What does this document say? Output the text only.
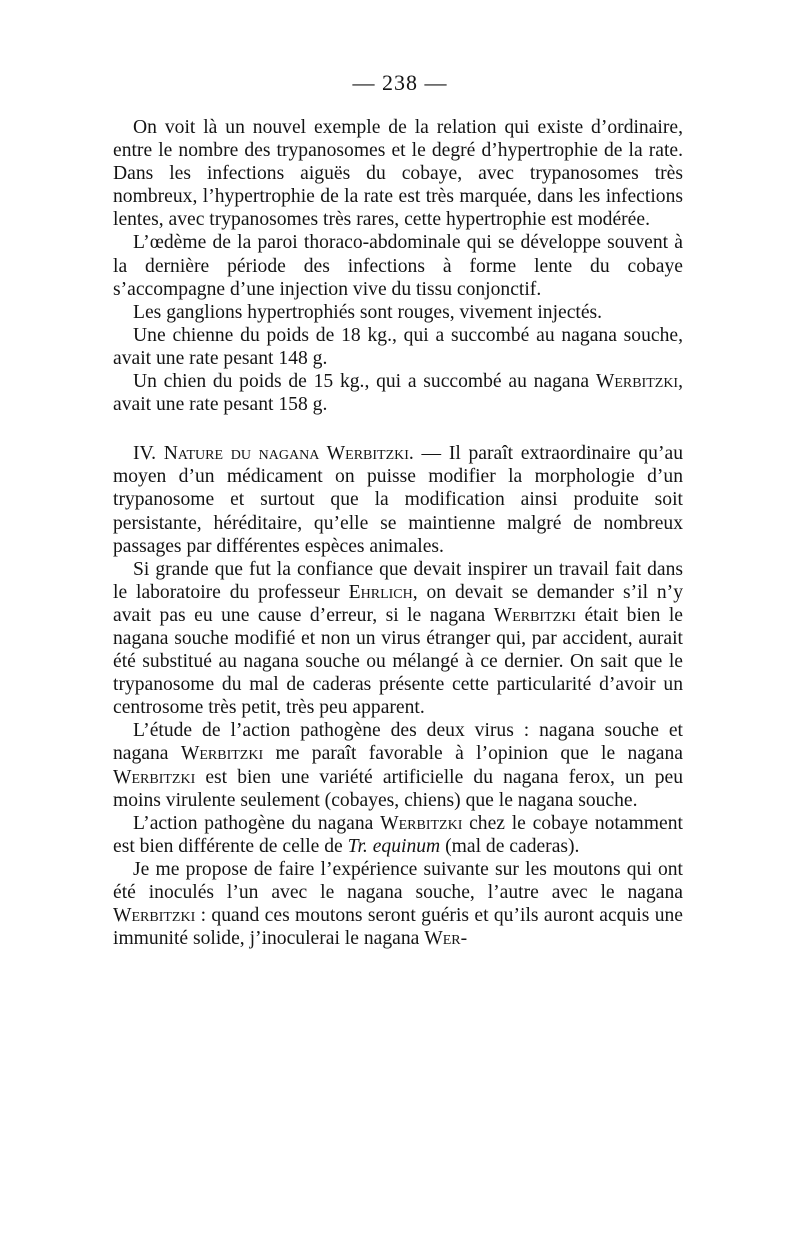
— 238 —

On voit là un nouvel exemple de la relation qui existe d’ordinaire, entre le nombre des trypanosomes et le degré d’hypertrophie de la rate. Dans les infections aiguës du cobaye, avec trypanosomes très nombreux, l’hypertrophie de la rate est très marquée, dans les infections lentes, avec trypanosomes très rares, cette hypertrophie est modérée.

L’œdème de la paroi thoraco-abdominale qui se développe souvent à la dernière période des infections à forme lente du cobaye s’accompagne d’une injection vive du tissu conjonctif.

Les ganglions hypertrophiés sont rouges, vivement injectés.

Une chienne du poids de 18 kg., qui a succombé au nagana souche, avait une rate pesant 148 g.

Un chien du poids de 15 kg., qui a succombé au nagana Werbitzki, avait une rate pesant 158 g.

IV. Nature du nagana Werbitzki. — Il paraît extraordinaire qu’au moyen d’un médicament on puisse modifier la morphologie d’un trypanosome et surtout que la modification ainsi produite soit persistante, héréditaire, qu’elle se maintienne malgré de nombreux passages par différentes espèces animales.

Si grande que fut la confiance que devait inspirer un travail fait dans le laboratoire du professeur Ehrlich, on devait se demander s’il n’y avait pas eu une cause d’erreur, si le nagana Werbitzki était bien le nagana souche modifié et non un virus étranger qui, par accident, aurait été substitué au nagana souche ou mélangé à ce dernier. On sait que le trypanosome du mal de caderas présente cette particularité d’avoir un centrosome très petit, très peu apparent.

L’étude de l’action pathogène des deux virus : nagana souche et nagana Werbitzki me paraît favorable à l’opinion que le nagana Werbitzki est bien une variété artificielle du nagana ferox, un peu moins virulente seulement (cobayes, chiens) que le nagana souche.

L’action pathogène du nagana Werbitzki chez le cobaye notamment est bien différente de celle de Tr. equinum (mal de caderas).

Je me propose de faire l’expérience suivante sur les moutons qui ont été inoculés l’un avec le nagana souche, l’autre avec le nagana Werbitzki : quand ces moutons seront guéris et qu’ils auront acquis une immunité solide, j’inoculerai le nagana Wer-
